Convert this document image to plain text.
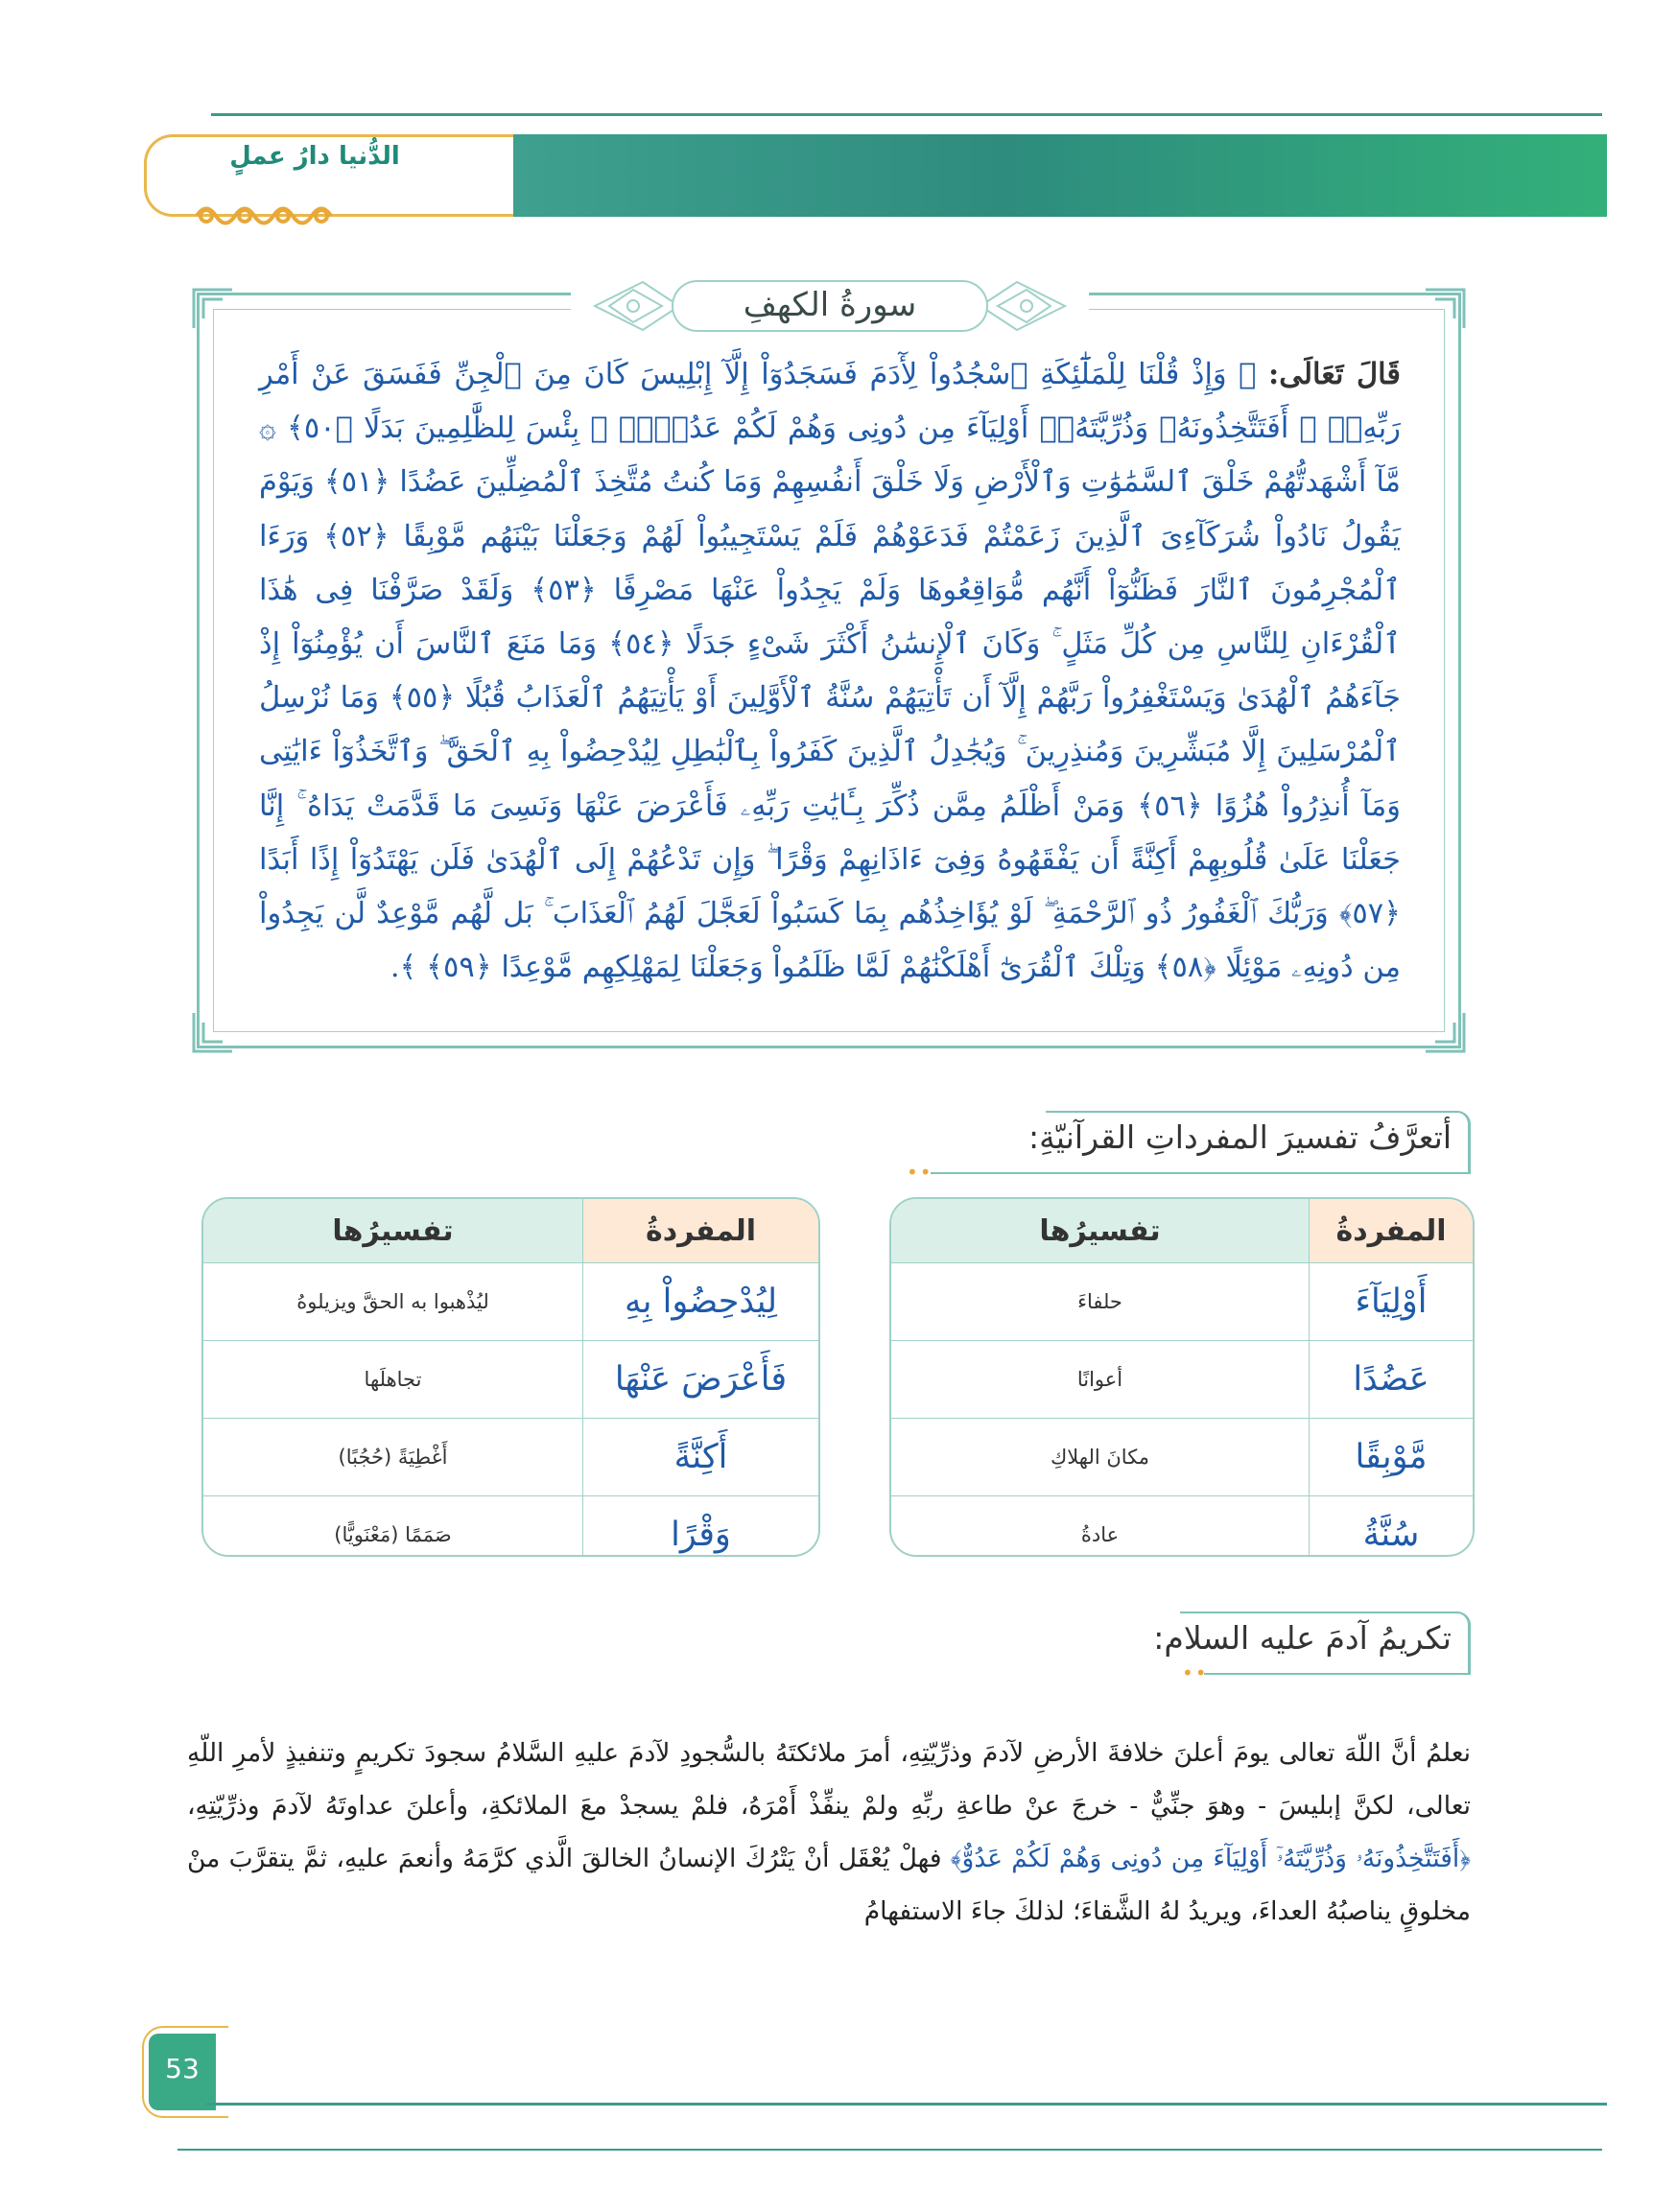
الدُّنيا دارُ عملٍ
سورةُ الكهفِ
قَالَ تَعَالَى: ﴿ وَإِذْ قُلْنَا لِلْمَلَٰٓئِكَةِ ٱسْجُدُواْ لِأٓدَمَ فَسَجَدُوٓاْ إِلَّآ إِبْلِيسَ كَانَ مِنَ ٱلْجِنِّ فَفَسَقَ عَنْ أَمْرِ رَبِّهِۦٓ ۗ أَفَتَتَّخِذُونَهُۥ وَذُرِّيَّتَهُۥٓ أَوْلِيَآءَ مِن دُونِى وَهُمْ لَكُمْ عَدُوٌّۢ ۚ بِئْسَ لِلظَّٰلِمِينَ بَدَلًا ﴿٥٠﴾ ۞ مَّآ أَشْهَدتُّهُمْ خَلْقَ ٱلسَّمَٰوَٰتِ وَٱلْأَرْضِ وَلَا خَلْقَ أَنفُسِهِمْ وَمَا كُنتُ مُتَّخِذَ ٱلْمُضِلِّينَ عَضُدًا ﴿٥١﴾ وَيَوْمَ يَقُولُ نَادُواْ شُرَكَآءِىَ ٱلَّذِينَ زَعَمْتُمْ فَدَعَوْهُمْ فَلَمْ يَسْتَجِيبُواْ لَهُمْ وَجَعَلْنَا بَيْنَهُم مَّوْبِقًا ﴿٥٢﴾ وَرَءَا ٱلْمُجْرِمُونَ ٱلنَّارَ فَظَنُّوٓاْ أَنَّهُم مُّوَاقِعُوهَا وَلَمْ يَجِدُواْ عَنْهَا مَصْرِفًا ﴿٥٣﴾ وَلَقَدْ صَرَّفْنَا فِى هَٰذَا ٱلْقُرْءَانِ لِلنَّاسِ مِن كُلِّ مَثَلٍ ۚ وَكَانَ ٱلْإِنسَٰنُ أَكْثَرَ شَىْءٍ جَدَلًا ﴿٥٤﴾ وَمَا مَنَعَ ٱلنَّاسَ أَن يُؤْمِنُوٓاْ إِذْ جَآءَهُمُ ٱلْهُدَىٰ وَيَسْتَغْفِرُواْ رَبَّهُمْ إِلَّآ أَن تَأْتِيَهُمْ سُنَّةُ ٱلْأَوَّلِينَ أَوْ يَأْتِيَهُمُ ٱلْعَذَابُ قُبُلًا ﴿٥٥﴾ وَمَا نُرْسِلُ ٱلْمُرْسَلِينَ إِلَّا مُبَشِّرِينَ وَمُنذِرِينَ ۚ وَيُجَٰدِلُ ٱلَّذِينَ كَفَرُواْ بِٱلْبَٰطِلِ لِيُدْحِضُواْ بِهِ ٱلْحَقَّ ۖ وَٱتَّخَذُوٓاْ ءَايَٰتِى وَمَآ أُنذِرُواْ هُزُوًا ﴿٥٦﴾ وَمَنْ أَظْلَمُ مِمَّن ذُكِّرَ بِـَٔايَٰتِ رَبِّهِۦ فَأَعْرَضَ عَنْهَا وَنَسِىَ مَا قَدَّمَتْ يَدَاهُ ۚ إِنَّا جَعَلْنَا عَلَىٰ قُلُوبِهِمْ أَكِنَّةً أَن يَفْقَهُوهُ وَفِىٓ ءَاذَانِهِمْ وَقْرًا ۖ وَإِن تَدْعُهُمْ إِلَى ٱلْهُدَىٰ فَلَن يَهْتَدُوٓاْ إِذًا أَبَدًا ﴿٥٧﴾ وَرَبُّكَ ٱلْغَفُورُ ذُو ٱلرَّحْمَةِ ۖ لَوْ يُؤَاخِذُهُم بِمَا كَسَبُواْ لَعَجَّلَ لَهُمُ ٱلْعَذَابَ ۚ بَل لَّهُم مَّوْعِدٌ لَّن يَجِدُواْ مِن دُونِهِۦ مَوْئِلًا ﴿٥٨﴾ وَتِلْكَ ٱلْقُرَىٰٓ أَهْلَكْنَٰهُمْ لَمَّا ظَلَمُواْ وَجَعَلْنَا لِمَهْلِكِهِم مَّوْعِدًا ﴿٥٩﴾ ﴾.
أتعرَّفُ تفسيرَ المفرداتِ القرآنيّةِ:
••
المفردةُ	تفسيرُها
أَوْلِيَآءَ	حلفاءَ
عَضُدًا	أعوانًا
مَّوْبِقًا	مكانَ الهلاكِ
سُنَّةُ	عادةُ
المفردةُ	تفسيرُها
لِيُدْحِضُواْ بِهِ	ليُذْهبوا به الحقَّ ويزيلوهُ
فَأَعْرَضَ عَنْهَا	تجاهلَها
أَكِنَّةً	أَغْطِيَةً (حُجُبًا)
وَقْرًا	صَمَمًا (مَعْنَويًّا)
تكريمُ آدمَ عليه السلام:
••
نعلمُ أنَّ اللّهَ تعالى يومَ أعلنَ خلافةَ الأرضِ لآدمَ وذرِّيّتِهِ، أمرَ ملائكتَهُ بالسُّجودِ لآدمَ عليهِ السَّلامُ سجودَ تكريمٍ وتنفيذٍ لأمرِ اللّهِ تعالى، لكنَّ إبليسَ - وهوَ جنِّيٌّ - خرجَ عنْ طاعةِ ربِّهِ ولمْ ينفِّذْ أَمْرَهُ، فلمْ يسجدْ معَ الملائكةِ، وأعلنَ عداوتَهُ لآدمَ وذرِّيّتِهِ، ﴿أَفَتَتَّخِذُونَهُۥ وَذُرِّيَّتَهُۥٓ أَوْلِيَآءَ مِن دُونِى وَهُمْ لَكُمْ عَدُوٌّ﴾ فهلْ يُعْقَل أنْ يَتْرُكَ الإنسانُ الخالقَ الَّذي كرَّمَهُ وأنعمَ عليهِ، ثمَّ يتقرَّبَ منْ مخلوقٍ يناصبُهُ العداءَ، ويريدُ لهُ الشَّقاءَ؛ لذلكَ جاءَ الاستفهامُ
53
